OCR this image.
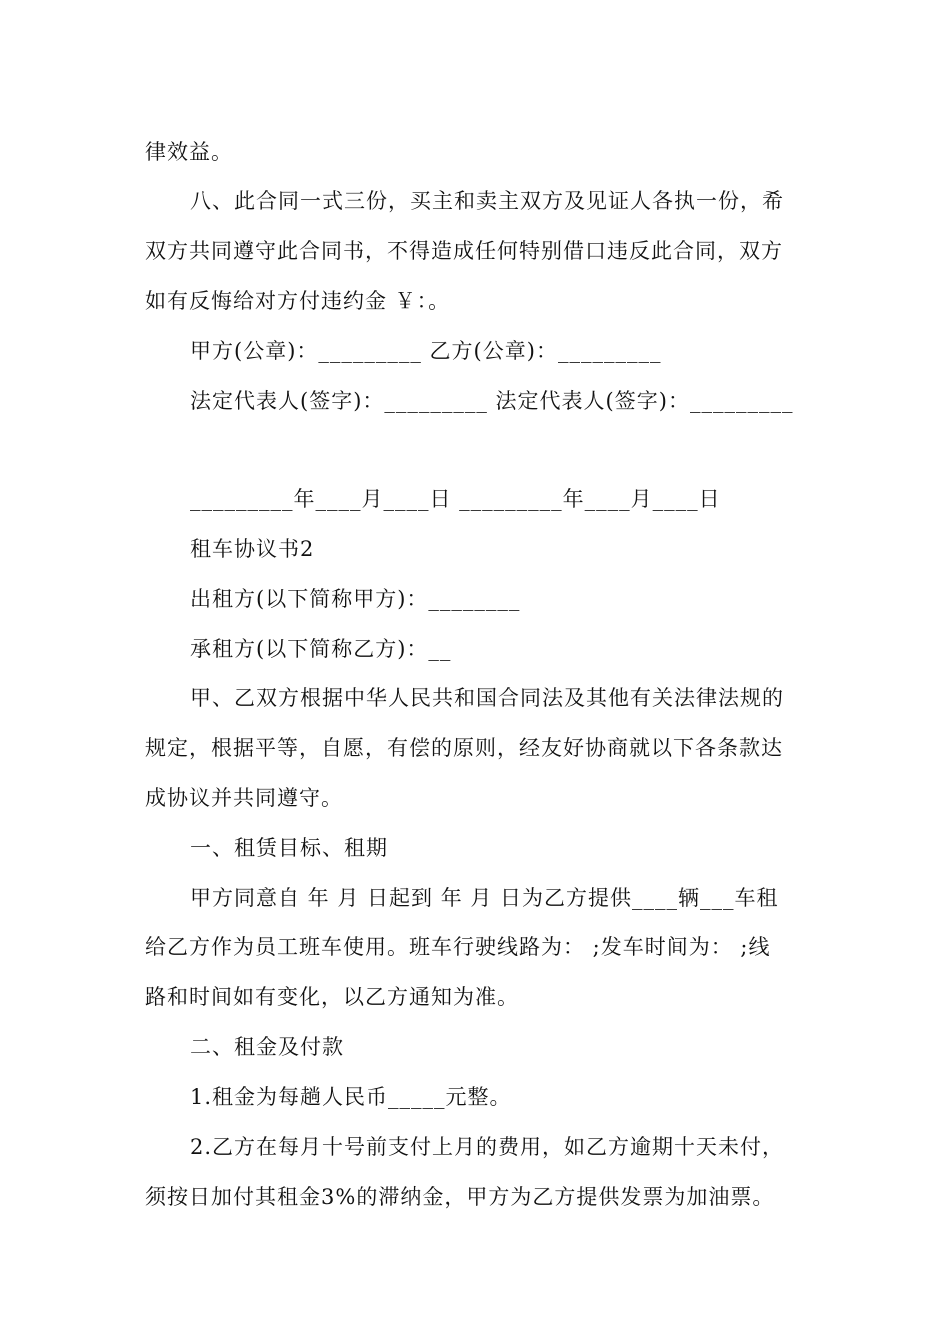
律效益。
八、此合同一式三份，买主和卖主双方及见证人各执一份，希
双方共同遵守此合同书，不得造成任何特别借口违反此合同，双方
如有反悔给对方付违约金 ￥：。
甲方(公章)：_________ 乙方(公章)：_________
法定代表人(签字)：_________ 法定代表人(签字)：_________
_________年____月____日 _________年____月____日
租车协议书2
出租方(以下简称甲方)：________
承租方(以下简称乙方)：__
甲、乙双方根据中华人民共和国合同法及其他有关法律法规的
规定，根据平等，自愿，有偿的原则，经友好协商就以下各条款达
成协议并共同遵守。
一、租赁目标、租期
甲方同意自 年 月 日起到 年 月 日为乙方提供____辆___车租
给乙方作为员工班车使用。班车行驶线路为： ;发车时间为： ;线
路和时间如有变化，以乙方通知为准。
二、租金及付款
1.租金为每趟人民币_____元整。
2.乙方在每月十号前支付上月的费用，如乙方逾期十天未付，
须按日加付其租金3%的滞纳金，甲方为乙方提供发票为加油票。
